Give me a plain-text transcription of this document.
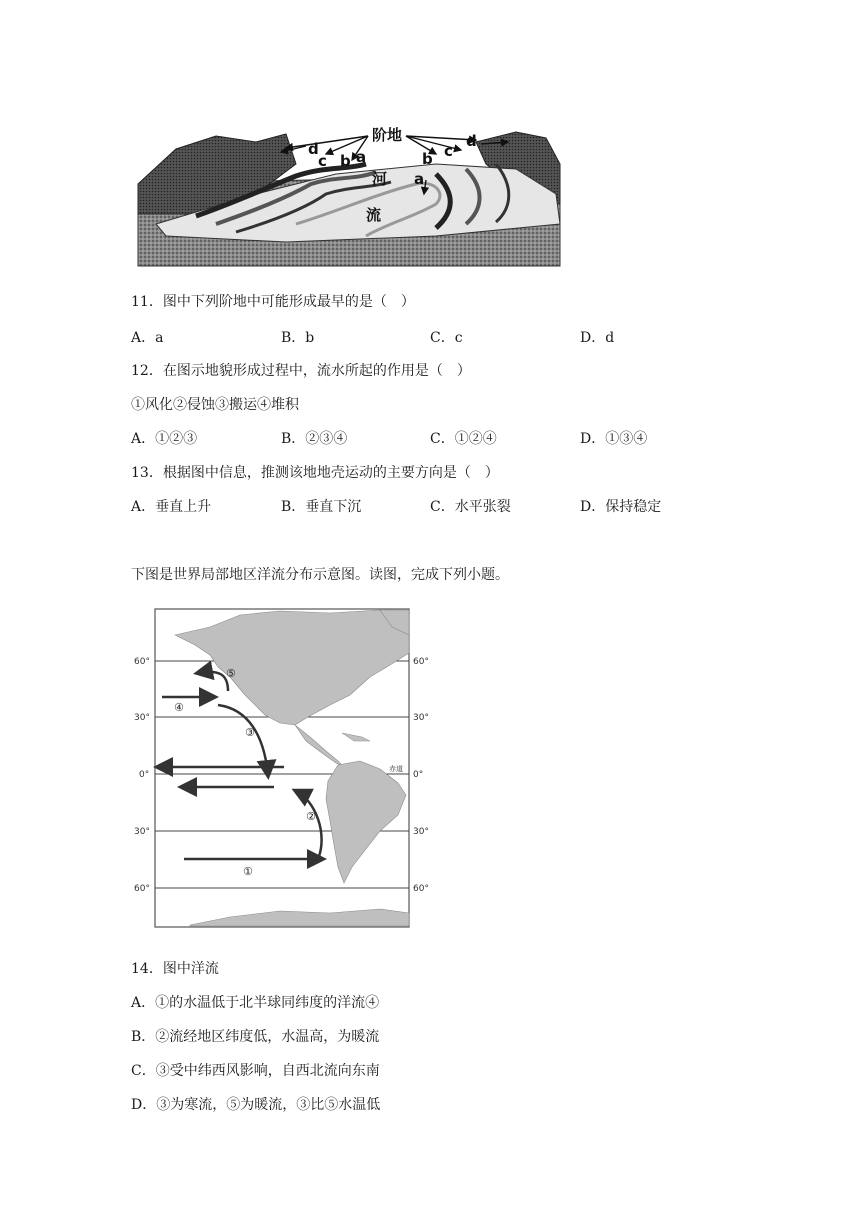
阶地
河
流
d
c b a	b c
d
a
11．图中下列阶地中可能形成最早的是（　）
A．a	B．b	C．c	D．d
12．在图示地貌形成过程中，流水所起的作用是（　）
①风化②侵蚀③搬运④堆积
A．①②③	B．②③④	C．①②④	D．①③④
13．根据图中信息，推测该地地壳运动的主要方向是（　）
A．垂直上升	B．垂直下沉	C．水平张裂	D．保持稳定
下图是世界局部地区洋流分布示意图。读图，完成下列小题。
⑤
④
③
②
①
赤道
60°
30°
0°
30°
60°
60°
30°
0°
30°
60°
14．图中洋流
A．①的水温低于北半球同纬度的洋流④
B．②流经地区纬度低，水温高，为暖流
C．③受中纬西风影响，自西北流向东南
D．③为寒流，⑤为暖流，③比⑤水温低
